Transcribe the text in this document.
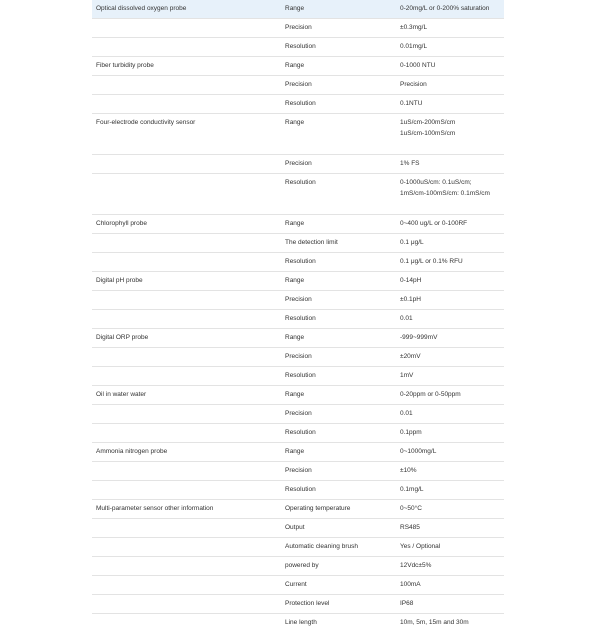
Optical dissolved oxygen probe	Range	0-20mg/L or 0-200% saturation
	Precision	±0.3mg/L
	Resolution	0.01mg/L
Fiber turbidity probe	Range	0-1000 NTU
	Precision	Precision
	Resolution	0.1NTU
Four-electrode conductivity sensor	Range	1uS/cm-200mS/cm
1uS/cm-100mS/cm
	Precision	1% FS
	Resolution	0-1000uS/cm: 0.1uS/cm;
1mS/cm-100mS/cm: 0.1mS/cm
Chlorophyll probe	Range	0~400 ug/L or 0-100RF
	The detection limit	0.1 μg/L
	Resolution	0.1 μg/L or 0.1% RFU
Digital pH probe	Range	0-14pH
	Precision	±0.1pH
	Resolution	0.01
Digital ORP probe	Range	-999~999mV
	Precision	±20mV
	Resolution	1mV
Oil in water water	Range	0-20ppm or 0-50ppm
	Precision	0.01
	Resolution	0.1ppm
Ammonia nitrogen probe	Range	0~1000mg/L
	Precision	±10%
	Resolution	0.1mg/L
Multi-parameter sensor other information	Operating temperature	0~50°C
	Output	RS485
	Automatic cleaning brush	Yes / Optional
	powered by	12Vdc±5%
	Current	100mA
	Protection level	IP68
	Line length	10m, 5m, 15m and 30m
